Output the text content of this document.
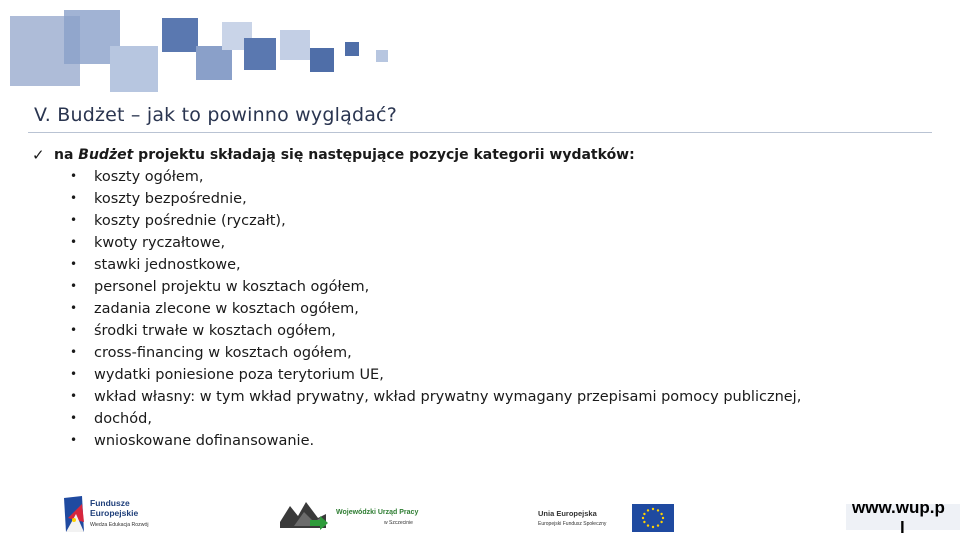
V. Budżet – jak to powinno wyglądać?
✓ na Budżet projektu składają się następujące pozycje kategorii wydatków:
• koszty ogółem,
• koszty bezpośrednie,
• koszty pośrednie (ryczałt),
• kwoty ryczałtowe,
• stawki jednostkowe,
• personel projektu w kosztach ogółem,
• zadania zlecone w kosztach ogółem,
• środki trwałe w kosztach ogółem,
• cross-financing w kosztach ogółem,
• wydatki poniesione poza terytorium UE,
• wkład własny: w tym wkład prywatny, wkład prywatny wymagany przepisami pomocy publicznej,
• dochód,
• wnioskowane dofinansowanie.
Fundusze
Europejskie
Wiedza Edukacja Rozwój
Wojewódzki Urząd Pracy
w Szczecinie
Unia Europejska
Europejski Fundusz Społeczny
www.wup.p
l
